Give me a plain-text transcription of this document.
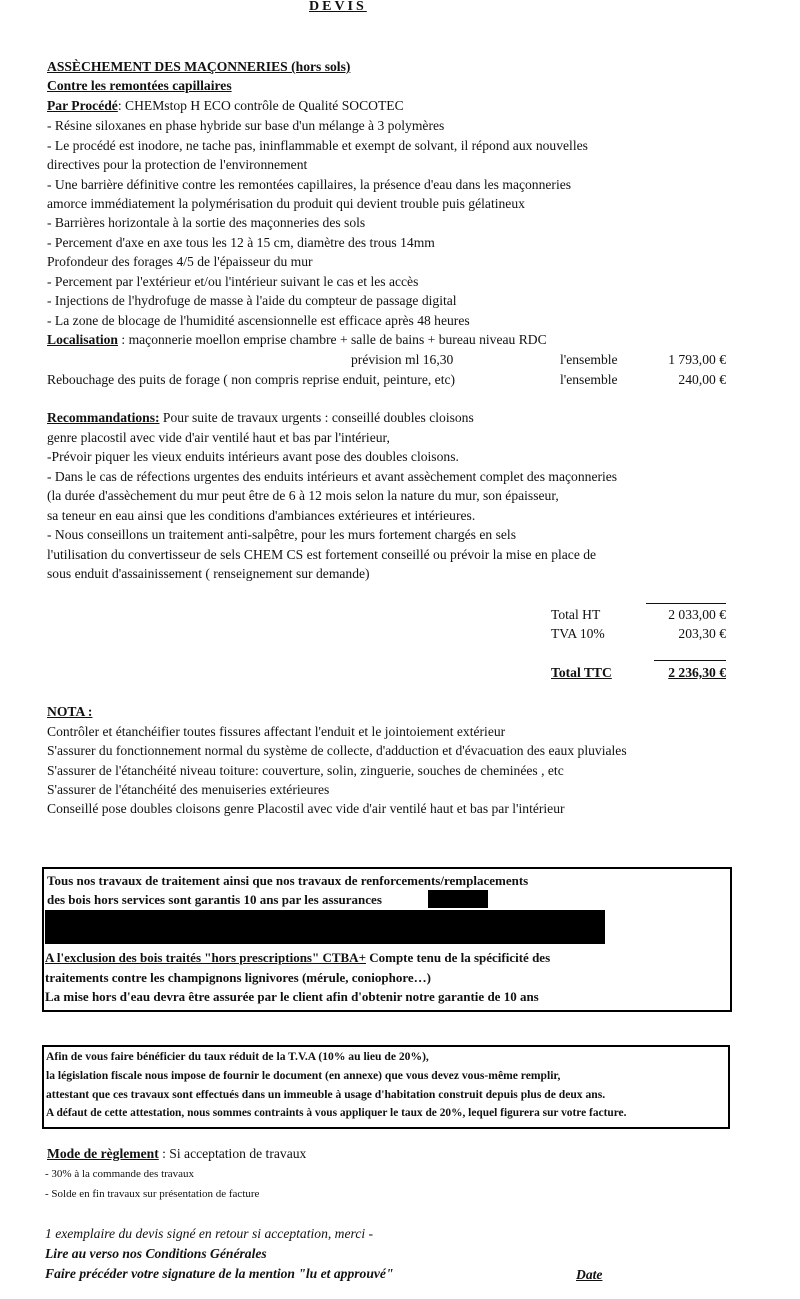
DEVIS
ASSÈCHEMENT DES MAÇONNERIES (hors sols)
Contre les remontées capillaires
Par Procédé: CHEMstop H ECO contrôle de Qualité SOCOTEC
- Résine siloxanes en phase hybride sur base d'un mélange à 3 polymères
- Le procédé est inodore, ne tache pas, ininflammable et exempt de solvant, il répond aux nouvelles
directives pour la protection de l'environnement
- Une barrière définitive contre les remontées capillaires, la présence d'eau dans les maçonneries
amorce immédiatement la polymérisation du produit qui devient trouble puis gélatineux
- Barrières horizontale à la sortie des maçonneries des sols
- Percement d'axe en axe tous les 12 à 15 cm, diamètre des trous 14mm
Profondeur des forages 4/5 de l'épaisseur du mur
- Percement par l'extérieur et/ou l'intérieur suivant le cas et les accès
- Injections de l'hydrofuge de masse à l'aide du compteur de passage digital
- La zone de blocage de l'humidité ascensionnelle est efficace après 48 heures
Localisation : maçonnerie moellon emprise chambre + salle de bains + bureau niveau RDC
prévision ml 16,30	l'ensemble	1 793,00 €
Rebouchage des puits de forage ( non compris reprise enduit, peinture, etc)	l'ensemble	240,00 €
Recommandations: Pour suite de travaux urgents : conseillé doubles cloisons
genre placostil avec vide d'air ventilé haut et bas par l'intérieur,
-Prévoir piquer les vieux enduits intérieurs avant pose des doubles cloisons.
- Dans le cas de réfections urgentes des enduits intérieurs et avant assèchement complet des maçonneries
(la durée d'assèchement du mur peut être de 6 à 12 mois selon la nature du mur, son épaisseur,
sa teneur en eau ainsi que les conditions d'ambiances extérieures et intérieures.
- Nous conseillons un traitement anti-salpêtre, pour les murs fortement chargés en sels
l'utilisation du convertisseur de sels CHEM CS est fortement conseillé ou prévoir la mise en place de
sous enduit d'assainissement ( renseignement sur demande)
Total HT	2 033,00 €
TVA 10%	203,30 €
Total TTC	2 236,30 €
NOTA :
Contrôler et étanchéifier toutes fissures affectant l'enduit et le jointoiement extérieur
S'assurer du fonctionnement normal du système de collecte, d'adduction et d'évacuation des eaux pluviales
S'assurer de l'étanchéité niveau toiture: couverture, solin, zinguerie, souches de cheminées , etc
S'assurer de l'étanchéité des menuiseries extérieures
Conseillé pose doubles cloisons genre Placostil avec vide d'air ventilé haut et bas par l'intérieur
Tous nos travaux de traitement ainsi que nos travaux de renforcements/remplacements
des bois hors services sont garantis 10 ans par les assurances
A l'exclusion des bois traités "hors prescriptions" CTBA+ Compte tenu de la spécificité des
traitements contre les champignons lignivores (mérule, coniophore…)
La mise hors d'eau devra être assurée par le client afin d'obtenir notre garantie de 10 ans
Afin de vous faire bénéficier du taux réduit de la T.V.A (10% au lieu de 20%),
la législation fiscale nous impose de fournir le document (en annexe) que vous devez vous-même remplir,
attestant que ces travaux sont effectués dans un immeuble à usage d'habitation construit depuis plus de deux ans.
A défaut de cette attestation, nous sommes contraints à vous appliquer le taux de 20%, lequel figurera sur votre facture.
Mode de règlement : Si acceptation de travaux
- 30% à la commande des travaux
- Solde en fin travaux sur présentation de facture
1 exemplaire du devis signé en retour si acceptation, merci -
Lire au verso nos Conditions Générales
Faire précéder votre signature de la mention "lu et approuvé"	Date
